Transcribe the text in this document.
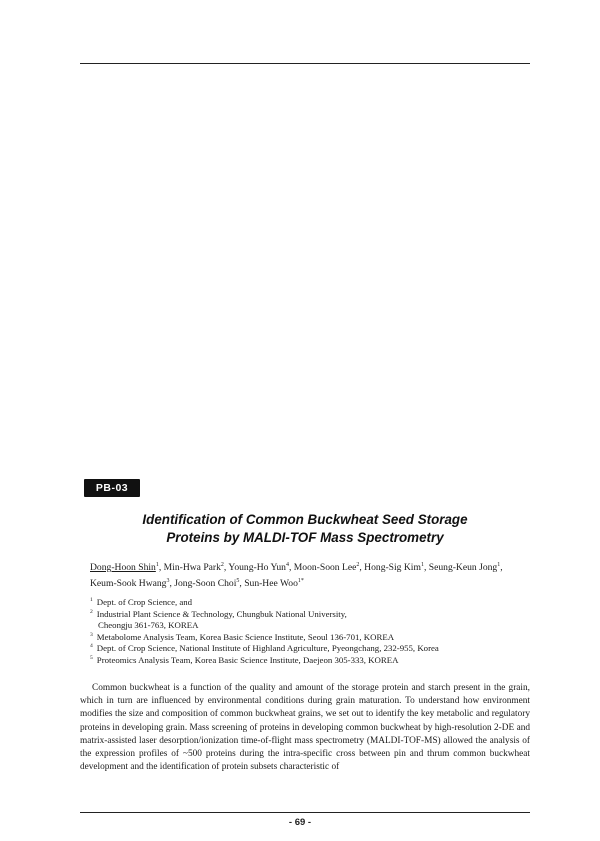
PB-03
Identification of Common Buckwheat Seed Storage
Proteins by MALDI-TOF Mass Spectrometry
Dong-Hoon Shin$^1$, Min-Hwa Park$^2$, Young-Ho Yun$^4$, Moon-Soon Lee$^2$, Hong-Sig Kim$^1$, Seung-Keun Jong$^1$,
Keum-Sook Hwang$^3$, Jong-Soon Choi$^5$, Sun-Hee Woo$^{1*}$
$^1$ Dept. of Crop Science, and
$^2$ Industrial Plant Science & Technology, Chungbuk National University,
Cheongju 361-763, KOREA
$^3$ Metabolome Analysis Team, Korea Basic Science Institute, Seoul 136-701, KOREA
$^4$ Dept. of Crop Science, National Institute of Highland Agriculture, Pyeongchang, 232-955, Korea
$^5$ Proteomics Analysis Team, Korea Basic Science Institute, Daejeon 305-333, KOREA

Common buckwheat is a function of the quality and amount of the storage protein and starch present in the grain, which in turn are influenced by environmental conditions during grain maturation. To understand how environment modifies the size and composition of common buckwheat grains, we set out to identify the key metabolic and regulatory proteins in developing grain. Mass screening of proteins in developing common buckwheat by high-resolution 2-DE and matrix-assisted laser desorption/ionization time-of-flight mass spectrometry (MALDI-TOF-MS) allowed the analysis of the expression profiles of ~500 proteins during the intra-specific cross between pin and thrum common buckwheat development and the identification of protein subsets characteristic of

- 69 -
